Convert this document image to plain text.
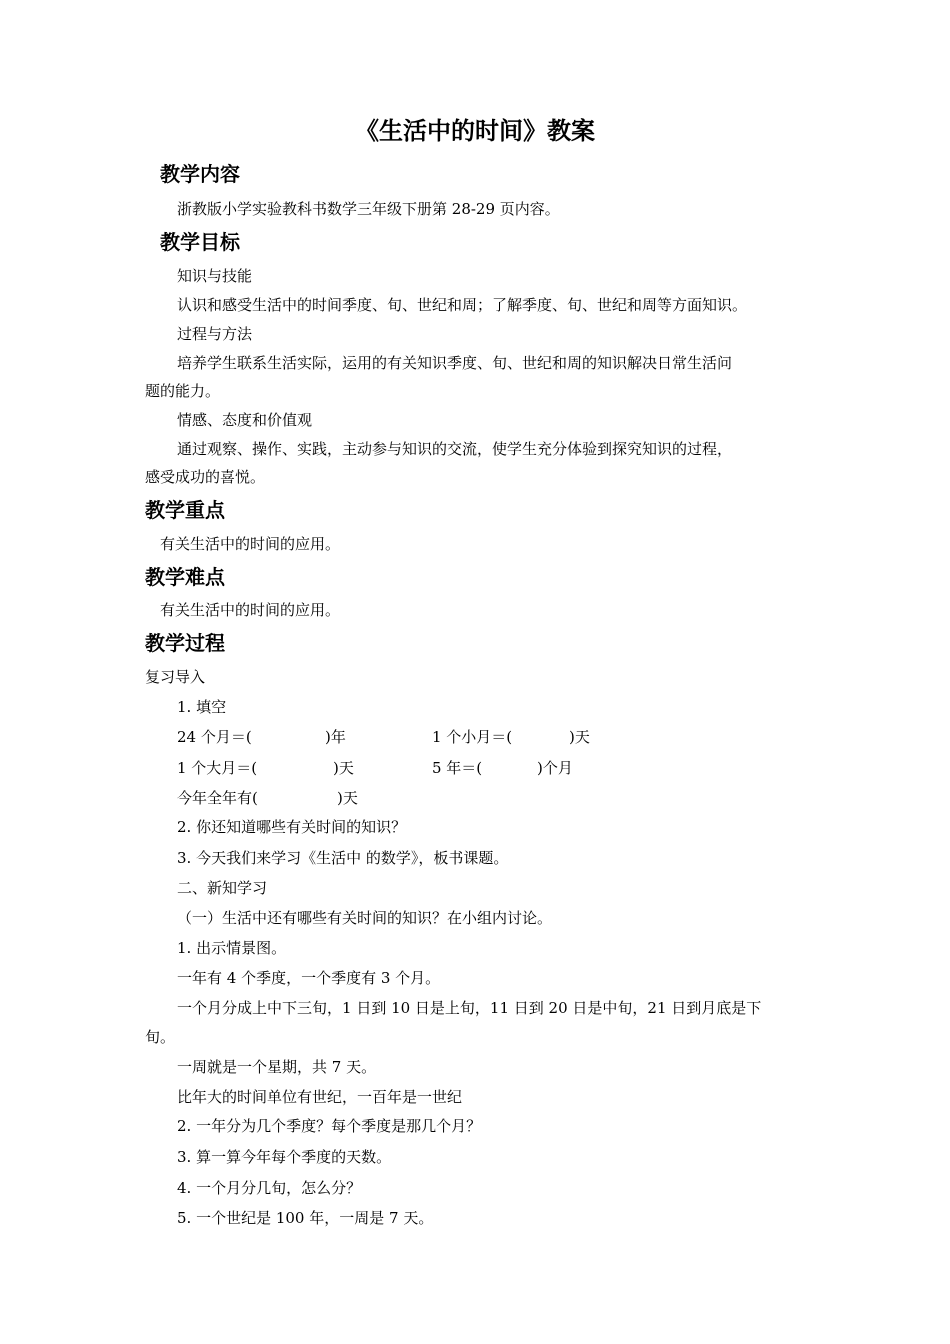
《生活中的时间》教案
教学内容
浙教版小学实验教科书数学三年级下册第 28-29 页内容。
教学目标
知识与技能
认识和感受生活中的时间季度、旬、世纪和周；了解季度、旬、世纪和周等方面知识。
过程与方法
培养学生联系生活实际，运用的有关知识季度、旬、世纪和周的知识解决日常生活问
题的能力。
情感、态度和价值观
通过观察、操作、实践，主动参与知识的交流，使学生充分体验到探究知识的过程，
感受成功的喜悦。
教学重点
有关生活中的时间的应用。
教学难点
有关生活中的时间的应用。
教学过程
复习导入
1. 填空
24 个月＝(	)年	1 个小月＝(	)天
1 个大月＝(	)天	5 年＝(	)个月
今年全年有(	)天
2. 你还知道哪些有关时间的知识？
3. 今天我们来学习《生活中 的数学》，板书课题。
二、新知学习
（一）生活中还有哪些有关时间的知识？在小组内讨论。
1. 出示情景图。
一年有 4 个季度，一个季度有 3 个月。
一个月分成上中下三旬，1 日到 10 日是上旬，11 日到 20 日是中旬，21 日到月底是下
旬。
一周就是一个星期，共 7 天。
比年大的时间单位有世纪，一百年是一世纪
2. 一年分为几个季度？每个季度是那几个月？
3. 算一算今年每个季度的天数。
4. 一个月分几旬，怎么分？
5. 一个世纪是 100 年，一周是 7 天。
